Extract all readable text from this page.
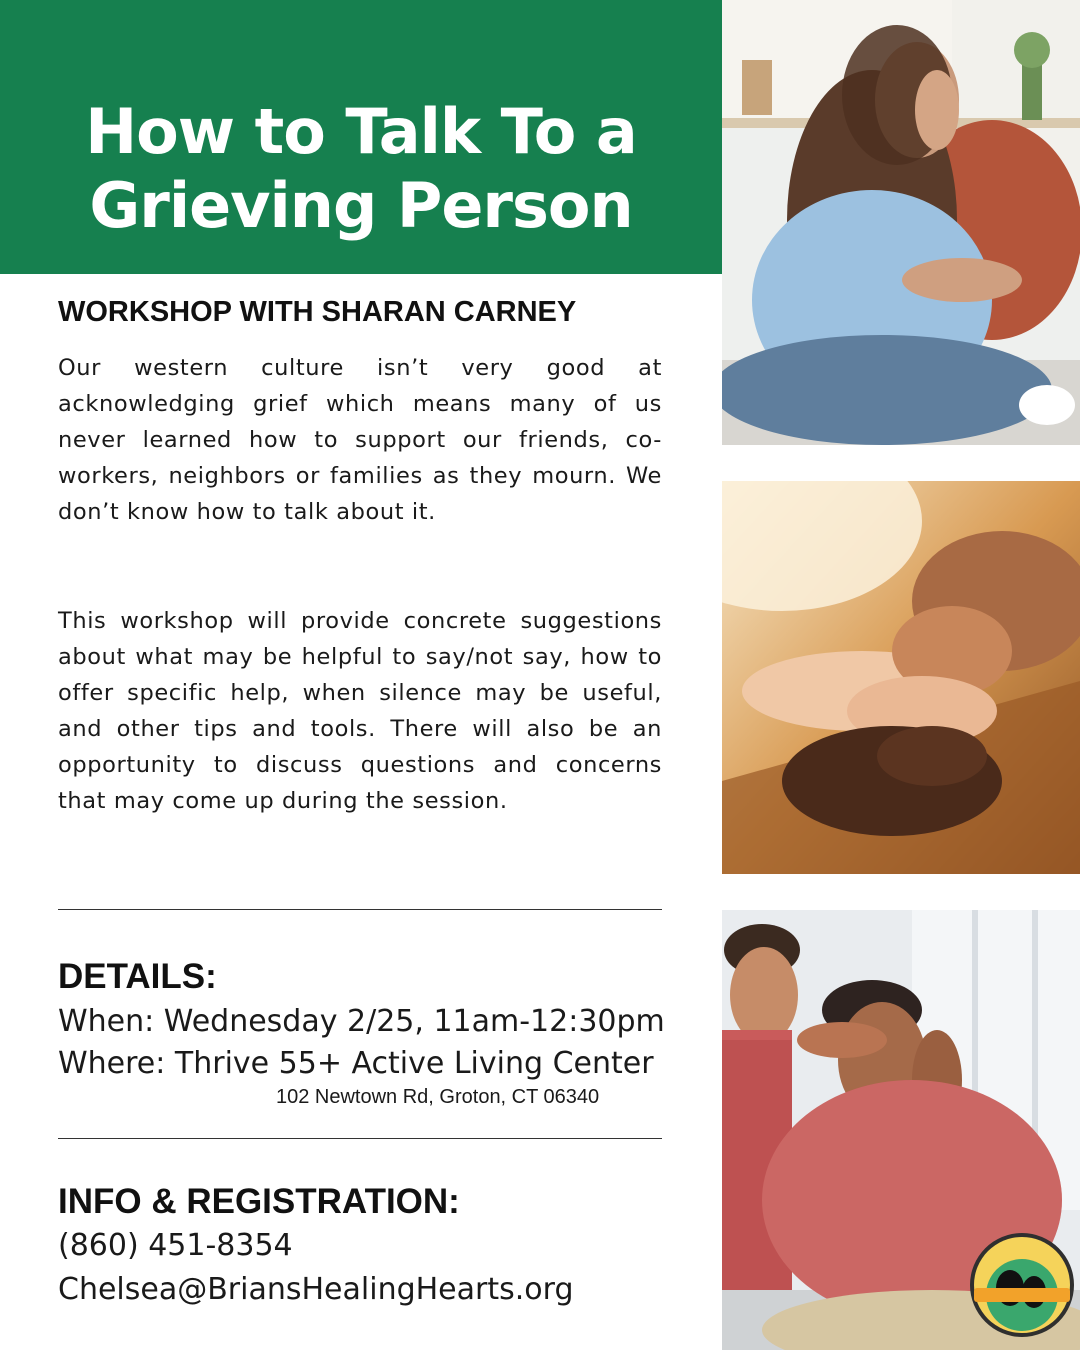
How to Talk To a
Grieving Person
WORKSHOP WITH SHARAN CARNEY

Our western culture isn’t very good at acknowledging grief which means many of us never learned how to support our friends, co-workers, neighbors or families as they mourn. We don’t know how to talk about it.

This workshop will provide concrete suggestions about what may be helpful to say/not say, how to offer specific help, when silence may be useful, and other tips and tools. There will also be an opportunity to discuss questions and concerns that may come up during the session.

DETAILS:
When: Wednesday 2/25, 11am-12:30pm
Where: Thrive 55+ Active Living Center
102 Newtown Rd, Groton, CT 06340
INFO & REGISTRATION:
(860) 451-8354
Chelsea@BriansHealingHearts.org
